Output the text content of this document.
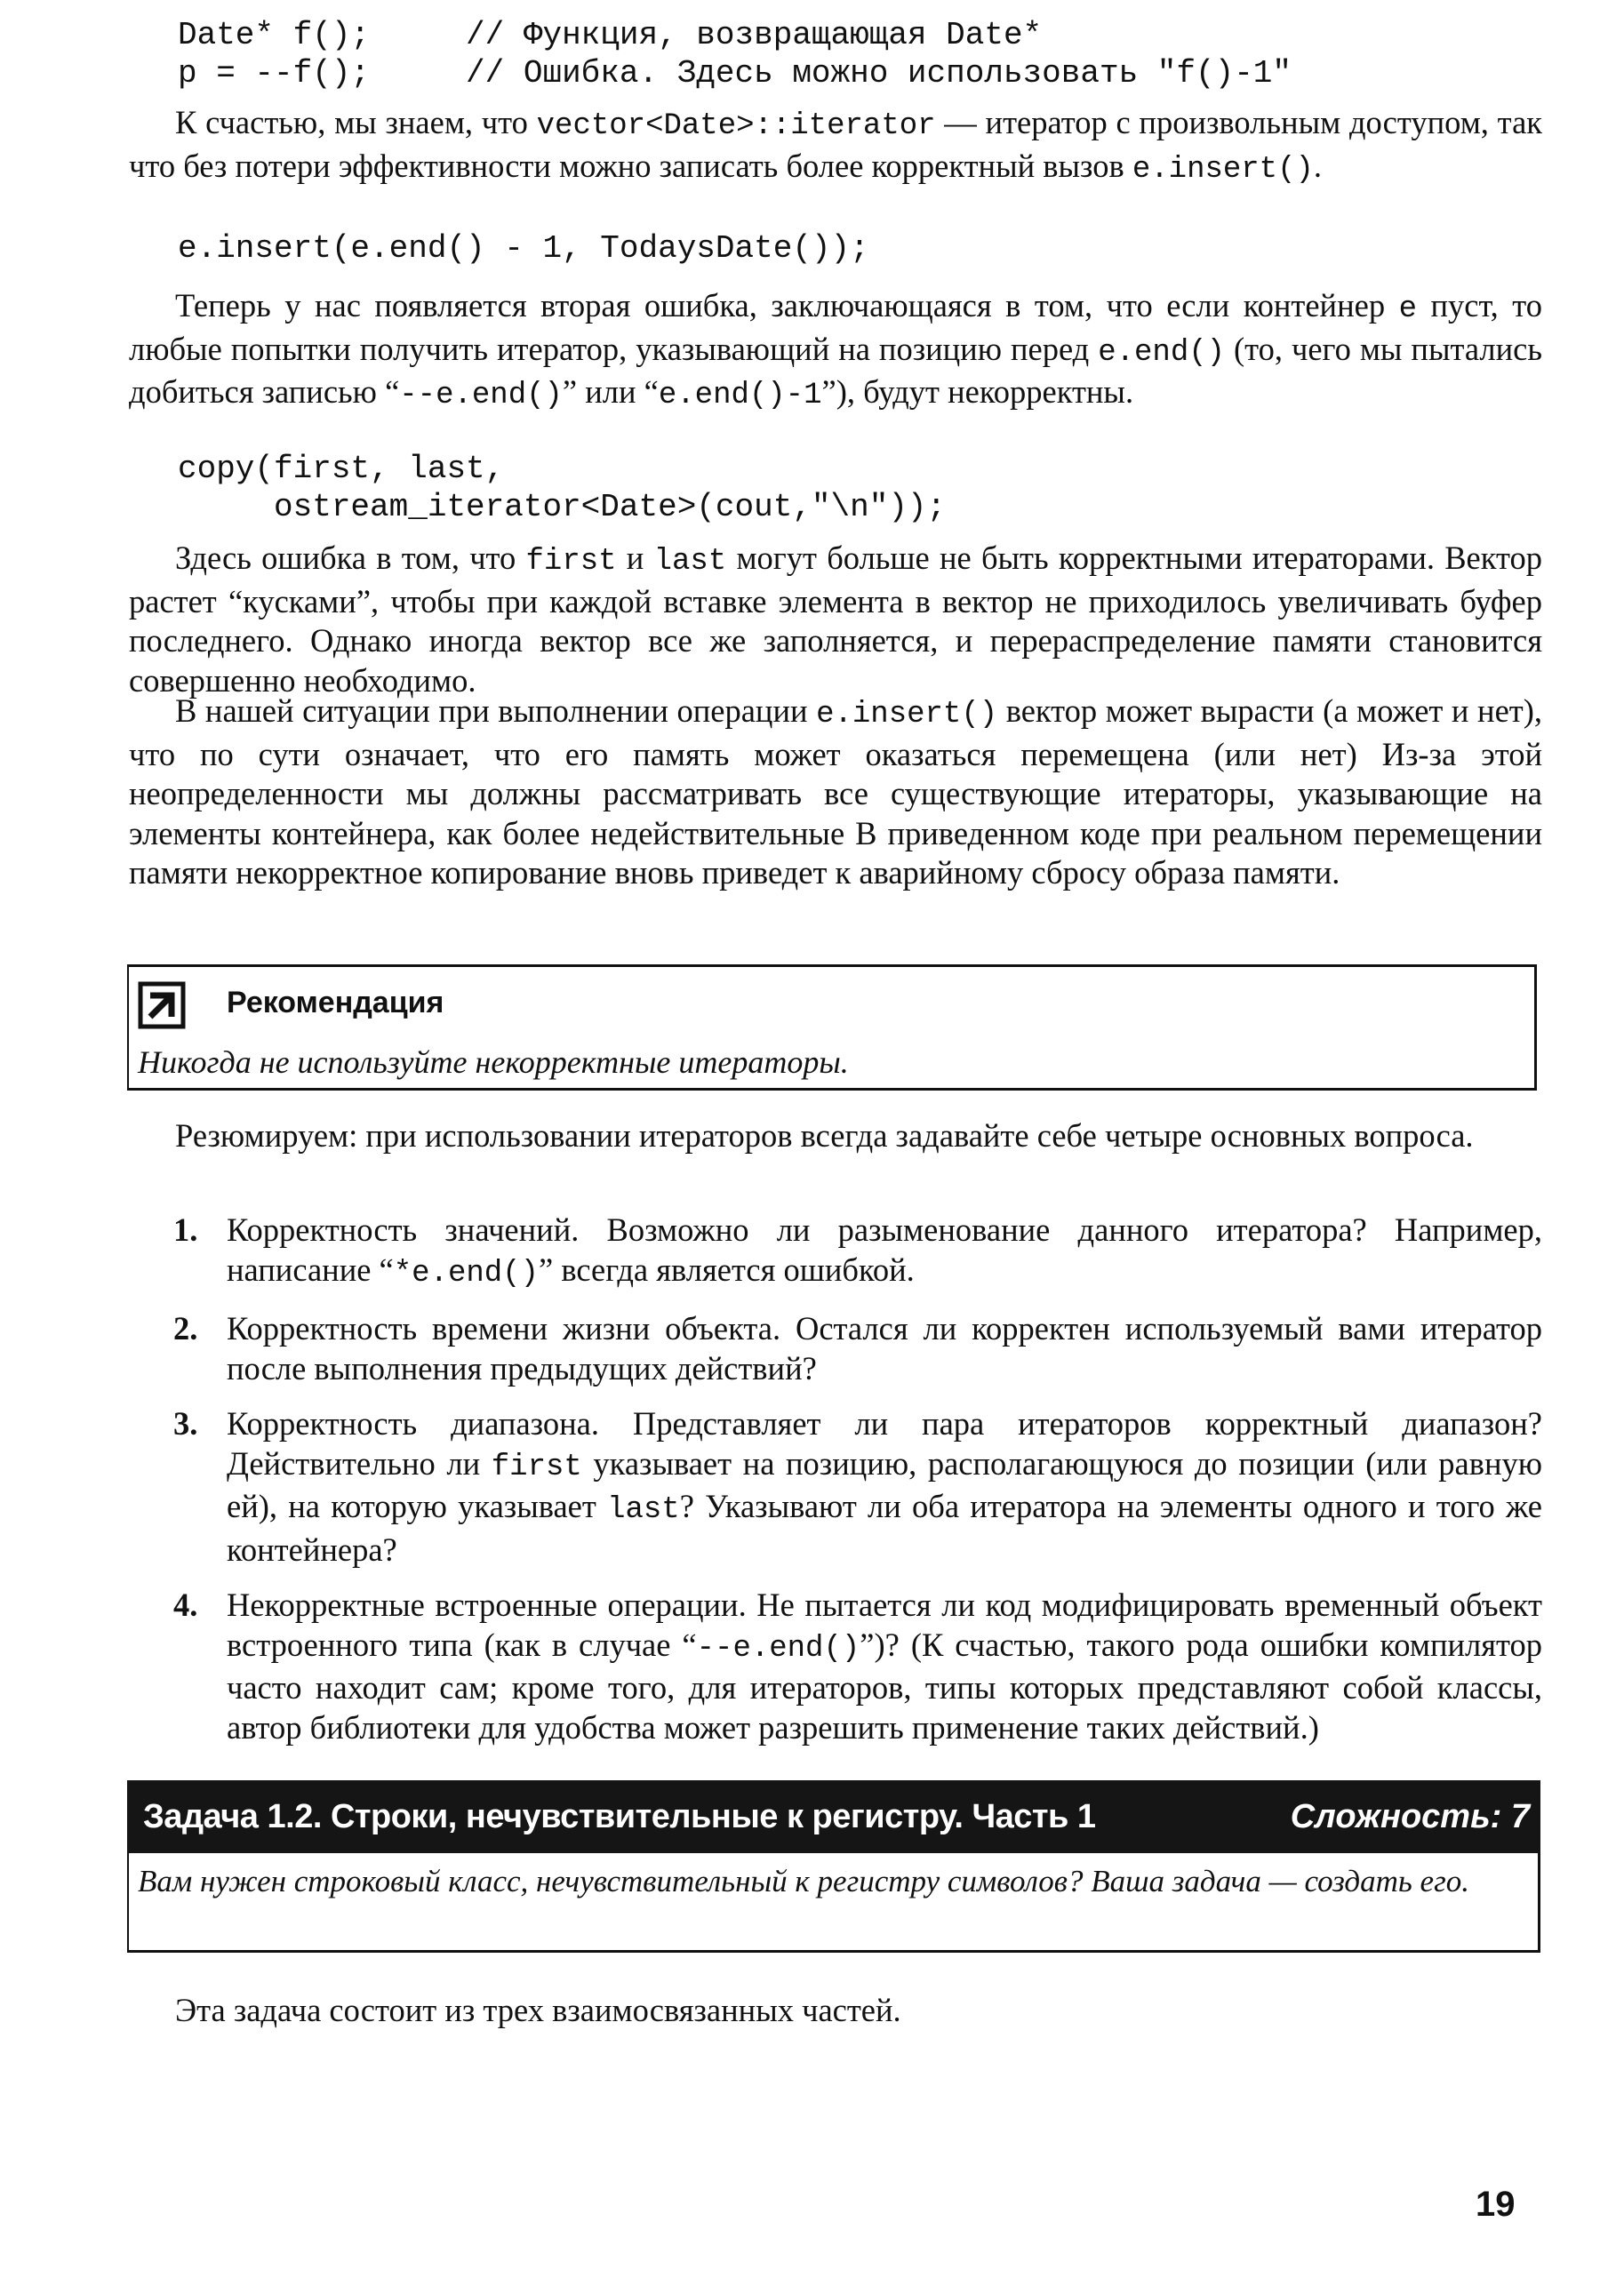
Date* f();     // Функция, возвращающая Date*
p = --f();     // Ошибка. Здесь можно использовать "f()-1"

К счастью, мы знаем, что vector<Date>::iterator — итератор с произвольным доступом, так что без потери эффективности можно записать более корректный вызов e.insert().

e.insert(e.end() - 1, TodaysDate());

Теперь у нас появляется вторая ошибка, заключающаяся в том, что если контейнер e пуст, то любые попытки получить итератор, указывающий на позицию перед e.end() (то, чего мы пытались добиться записью “--e.end()” или “e.end()-1”), будут некорректны.

copy(first, last,
ostream_iterator<Date>(cout,"\n"));

Здесь ошибка в том, что first и last могут больше не быть корректными итераторами. Вектор растет “кусками”, чтобы при каждой вставке элемента в вектор не приходилось увеличивать буфер последнего. Однако иногда вектор все же заполняется, и перераспределение памяти становится совершенно необходимо.

В нашей ситуации при выполнении операции e.insert() вектор может вырасти (а может и нет), что по сути означает, что его память может оказаться перемещена (или нет) Из-за этой неопределенности мы должны рассматривать все существующие итераторы, указывающие на элементы контейнера, как более недействительные В приведенном коде при реальном перемещении памяти некорректное копирование вновь приведет к аварийному сбросу образа памяти.

Рекомендация
Никогда не используйте некорректные итераторы.

Резюмируем: при использовании итераторов всегда задавайте себе четыре основных вопроса.

1. Корректность значений. Возможно ли разыменование данного итератора? Например, написание “*e.end()” всегда является ошибкой.
2. Корректность времени жизни объекта. Остался ли корректен используемый вами итератор после выполнения предыдущих действий?
3. Корректность диапазона. Представляет ли пара итераторов корректный диапазон? Действительно ли first указывает на позицию, располагающуюся до позиции (или равную ей), на которую указывает last? Указывают ли оба итератора на элементы одного и того же контейнера?
4. Некорректные встроенные операции. Не пытается ли код модифицировать временный объект встроенного типа (как в случае “--e.end()”)? (К счастью, такого рода ошибки компилятор часто находит сам; кроме того, для итераторов, типы которых представляют собой классы, автор библиотеки для удобства может разрешить применение таких действий.)
Задача 1.2. Строки, нечувствительные к регистру. Часть 1	Сложность: 7
Вам нужен строковый класс, нечувствительный к регистру символов? Ваша задача — создать его.

Эта задача состоит из трех взаимосвязанных частей.

19
